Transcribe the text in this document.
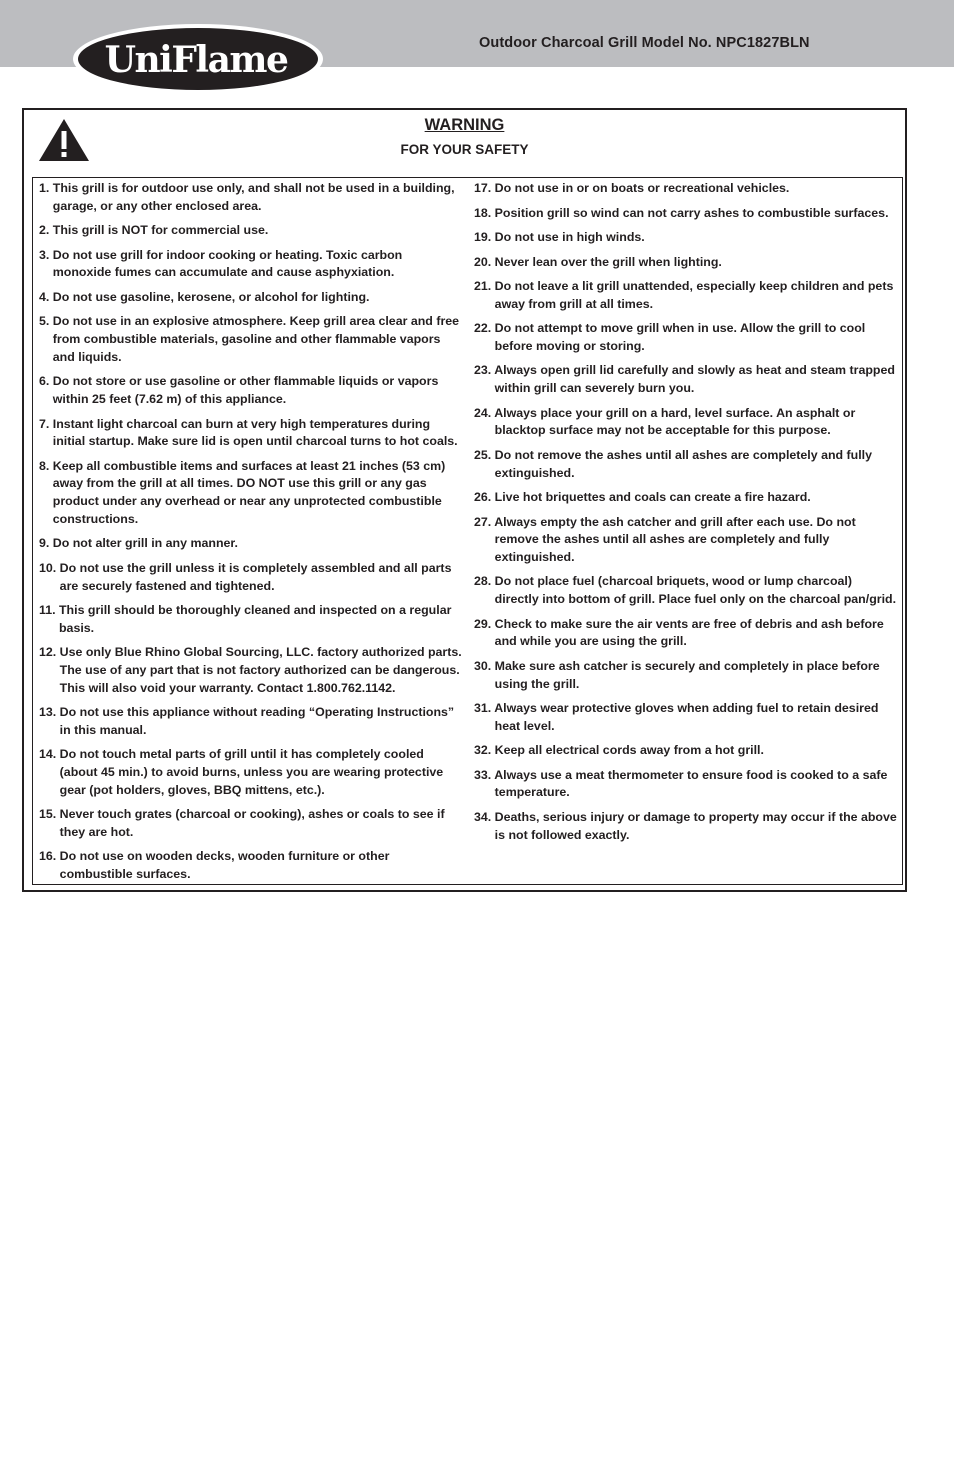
UniFlame	Outdoor Charcoal Grill Model No. NPC1827BLN
WARNING
FOR YOUR SAFETY
1. This grill is for outdoor use only, and shall not be used in a building, garage, or any other enclosed area.
2. This grill is NOT for commercial use.
3. Do not use grill for indoor cooking or heating. Toxic carbon monoxide fumes can accumulate and cause asphyxiation.
4. Do not use gasoline, kerosene, or alcohol for lighting.
5. Do not use in an explosive atmosphere. Keep grill area clear and free from combustible materials, gasoline and other flammable vapors and liquids.
6. Do not store or use gasoline or other flammable liquids or vapors within 25 feet (7.62 m) of this appliance.
7. Instant light charcoal can burn at very high temperatures during initial startup. Make sure lid is open until charcoal turns to hot coals.
8. Keep all combustible items and surfaces at least 21 inches (53 cm) away from the grill at all times. DO NOT use this grill or any gas product under any overhead or near any unprotected combustible constructions.
9. Do not alter grill in any manner.
10. Do not use the grill unless it is completely assembled and all parts are securely fastened and tightened.
11. This grill should be thoroughly cleaned and inspected on a regular basis.
12. Use only Blue Rhino Global Sourcing, LLC. factory authorized parts. The use of any part that is not factory authorized can be dangerous. This will also void your warranty. Contact 1.800.762.1142.
13. Do not use this appliance without reading “Operating Instructions” in this manual.
14. Do not touch metal parts of grill until it has completely cooled (about 45 min.) to avoid burns, unless you are wearing protective gear (pot holders, gloves, BBQ mittens, etc.).
15. Never touch grates (charcoal or cooking), ashes or coals to see if they are hot.
16. Do not use on wooden decks, wooden furniture or other combustible surfaces.
17. Do not use in or on boats or recreational vehicles.
18. Position grill so wind can not carry ashes to combustible surfaces.
19. Do not use in high winds.
20. Never lean over the grill when lighting.
21. Do not leave a lit grill unattended, especially keep children and pets away from grill at all times.
22. Do not attempt to move grill when in use. Allow the grill to cool before moving or storing.
23. Always open grill lid carefully and slowly as heat and steam trapped within grill can severely burn you.
24. Always place your grill on a hard, level surface. An asphalt or blacktop surface may not be acceptable for this purpose.
25. Do not remove the ashes until all ashes are completely and fully extinguished.
26. Live hot briquettes and coals can create a fire hazard.
27. Always empty the ash catcher and grill after each use. Do not remove the ashes until all ashes are completely and fully extinguished.
28. Do not place fuel (charcoal briquets, wood or lump charcoal) directly into bottom of grill. Place fuel only on the charcoal pan/grid.
29. Check to make sure the air vents are free of debris and ash before and while you are using the grill.
30. Make sure ash catcher is securely and completely in place before using the grill.
31. Always wear protective gloves when adding fuel to retain desired heat level.
32. Keep all electrical cords away from a hot grill.
33. Always use a meat thermometer to ensure food is cooked to a safe temperature.
34. Deaths, serious injury or damage to property may occur if the above is not followed exactly.
